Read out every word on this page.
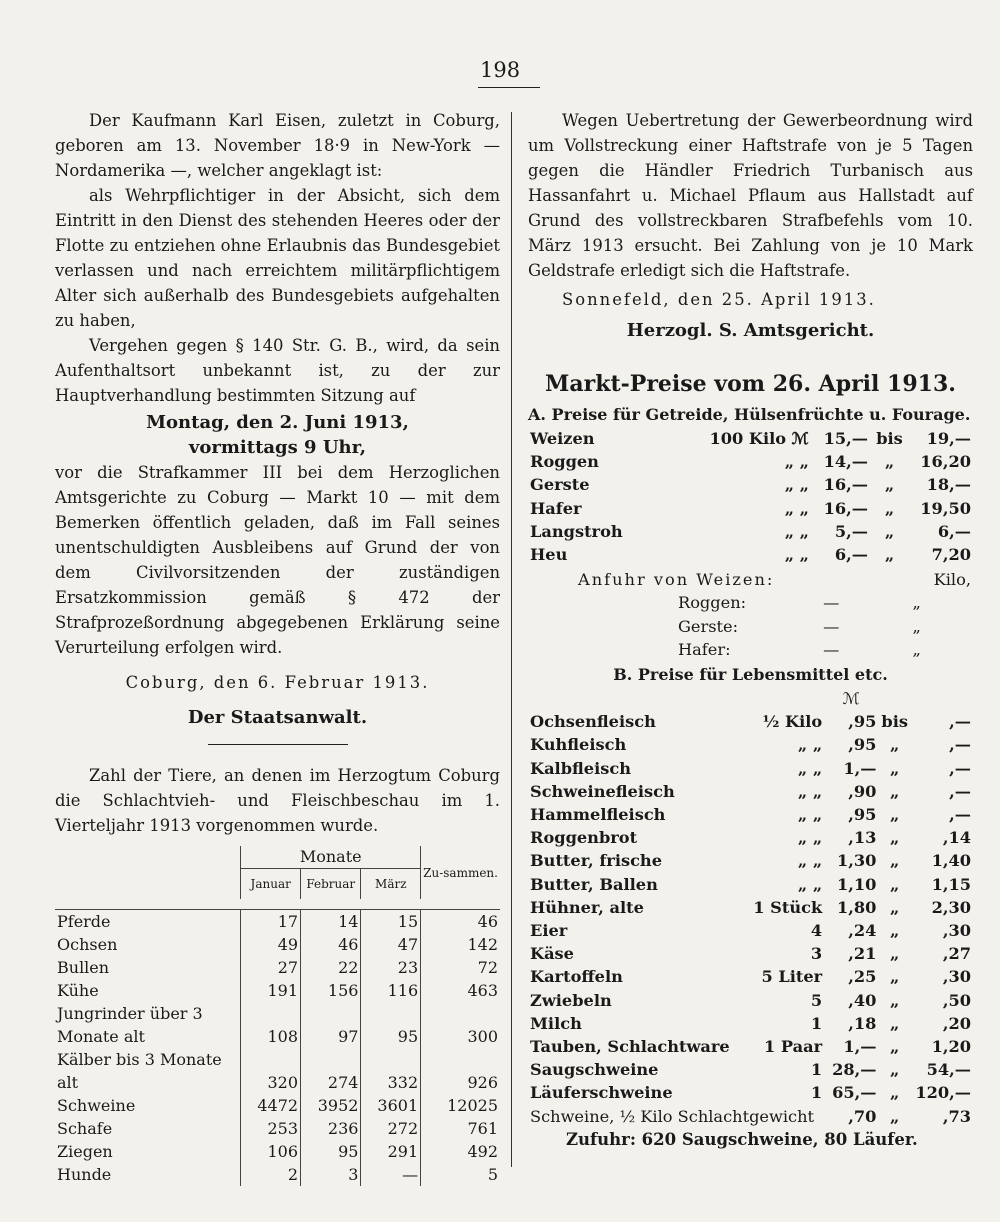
198

Der Kaufmann Karl Eisen, zuletzt in Coburg, geboren am 13. November 18·9 in New-York — Nordamerika —, welcher angeklagt ist:

als Wehrpflichtiger in der Absicht, sich dem Eintritt in den Dienst des stehenden Heeres oder der Flotte zu entziehen ohne Erlaubnis das Bundesgebiet verlassen und nach erreichtem militärpflichtigem Alter sich außerhalb des Bundesgebiets aufgehalten zu haben,

Vergehen gegen § 140 Str. G. B., wird, da sein Aufenthaltsort unbekannt ist, zu der zur Hauptverhandlung bestimmten Sitzung auf

Montag, den 2. Juni 1913,

vormittags 9 Uhr,

vor die Strafkammer III bei dem Herzoglichen Amtsgerichte zu Coburg — Markt 10 — mit dem Bemerken öffentlich geladen, daß im Fall seines unentschuldigten Ausbleibens auf Grund der von dem Civilvorsitzenden der zuständigen Ersatzkommission gemäß § 472 der Strafprozeßordnung abgegebenen Erklärung seine Verurteilung erfolgen wird.

Coburg, den 6. Februar 1913.

Der Staatsanwalt.

Zahl der Tiere, an denen im Herzogtum Coburg die Schlachtvieh- und Fleischbeschau im 1. Vierteljahr 1913 vorgenommen wurde.

	Monate			Zu-sammen.
	Januar	Februar	März	

Pferde	17	14	15	46
Ochsen	49	46	47	142
Bullen	27	22	23	72
Kühe	191	156	116	463
Jungrinder über 3 Monate alt	108	97	95	300
Kälber bis 3 Monate alt	320	274	332	926
Schweine	4472	3952	3601	12025
Schafe	253	236	272	761
Ziegen	106	95	291	492
Hunde	2	3	—	5

Wegen Uebertretung der Gewerbeordnung wird um Vollstreckung einer Haftstrafe von je 5 Tagen gegen die Händler Friedrich Turbanisch aus Hassanfahrt u. Michael Pflaum aus Hallstadt auf Grund des vollstreckbaren Strafbefehls vom 10. März 1913 ersucht. Bei Zahlung von je 10 Mark Geldstrafe erledigt sich die Haftstrafe.

Sonnefeld, den 25. April 1913.

Herzogl. S. Amtsgericht.

Markt-Preise vom 26. April 1913.

A. Preise für Getreide, Hülsenfrüchte u. Fourage.

Weizen	100 Kilo ℳ	15,—	bis	19,—
Roggen	„ „	14,—	„	16,20
Gerste	„ „	16,—	„	18,—
Hafer	„ „	16,—	„	19,50
Langstroh	„ „	5,—	„	6,—
Heu	„ „	6,—	„	7,20
Anfuhr von Weizen:		Kilo,
Roggen:	—	„
Gerste:	—	„
Hafer:	—	„

B. Preise für Lebensmittel etc.

		ℳ		
Ochsenfleisch	½ Kilo	,95	bis	,—
Kuhfleisch	„ „	,95	„	,—
Kalbfleisch	„ „	1,—	„	,—
Schweinefleisch	„ „	,90	„	,—
Hammelfleisch	„ „	,95	„	,—
Roggenbrot	„ „	,13	„	,14
Butter, frische	„ „	1,30	„	1,40
Butter, Ballen	„ „	1,10	„	1,15
Hühner, alte	1 Stück	1,80	„	2,30
Eier	4	,24	„	,30
Käse	3	,21	„	,27
Kartoffeln	5 Liter	,25	„	,30
Zwiebeln	5	,40	„	,50
Milch	1	,18	„	,20
Tauben, Schlachtware	1 Paar	1,—	„	1,20
Saugschweine	1	28,—	„	54,—
Läuferschweine	1	65,—	„	120,—
Schweine, ½ Kilo Schlachtgewicht		,70	„	,73

Zufuhr: 620 Saugschweine, 80 Läufer.
